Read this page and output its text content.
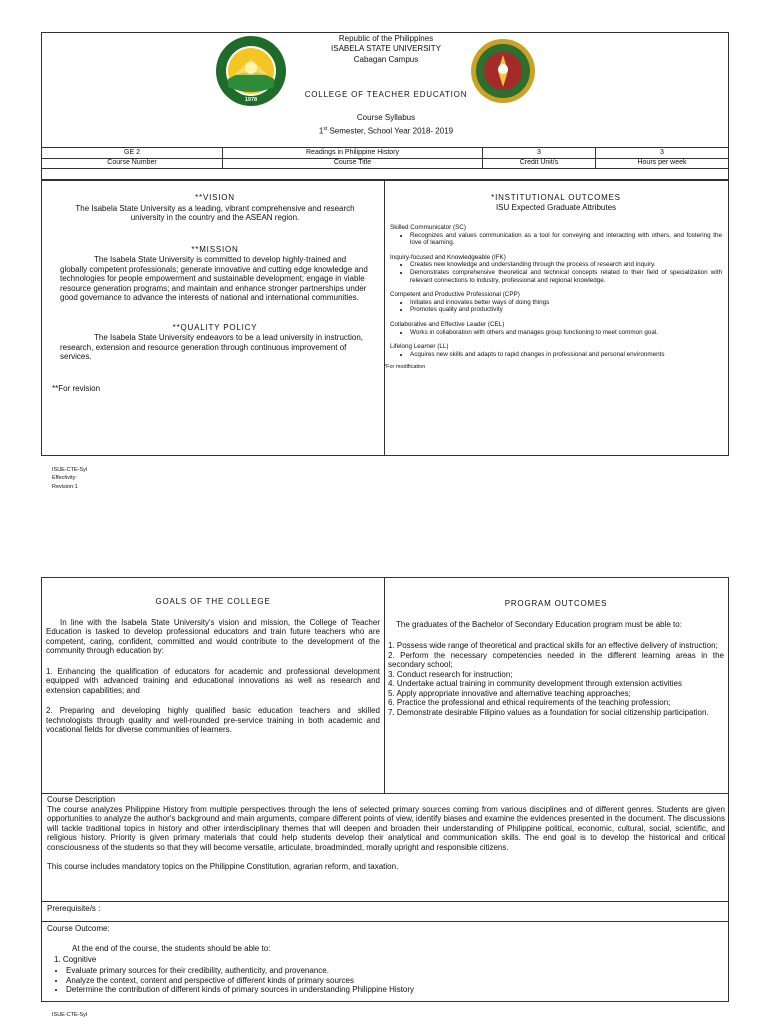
1978
Republic of the Philippines
ISABELA STATE UNIVERSITY
Cabagan Campus
COLLEGE OF TEACHER EDUCATION
Course Syllabus
1st Semester, School Year 2018- 2019
GE 2	Readings in Philippine History	3	3
Course Number	Course Title	Credit Unit/s	Hours per week
**VISION
The Isabela State University as a leading, vibrant comprehensive and research university in the country and the ASEAN region.
**MISSION
The Isabela State University is committed to develop highly-trained and globally competent professionals; generate innovative and cutting edge knowledge and technologies for people empowerment and sustainable development; engage in viable resource generation programs; and maintain and enhance stronger partnerships under good governance to advance the interests of national and international communities.
**QUALITY POLICY
The Isabela State University endeavors to be a lead university in instruction, research, extension and resource generation through continuous improvement of services.
**For revision
*INSTITUTIONAL OUTCOMES
ISU Expected Graduate Attributes
Skilled Communicator (SC)
• Recognizes and values communication as a tool for conveying and interacting with others, and fostering the love of learning.
Inquiry-focused and Knowledgeable (IFK)
• Creates new knowledge and understanding through the process of research and inquiry.
• Demonstrates comprehensive theoretical and technical concepts related to their field of specialization with relevant connections to industry, professional and regional knowledge.
Competent and Productive Professional (CPP)
• Initiates and innovates better ways of doing things
• Promotes quality and productivity
Collaborative and Effective Leader (CEL)
• Works in collaboration with others and manages group functioning to meet common goal.
Lifelong Learner (LL)
• Acquires new skills and adapts to rapid changes in professional and personal environments
*For modification
ISUE-CTE-Syl
Effectivity:
Revision:1
GOALS OF THE COLLEGE
In line with the Isabela State University's vision and mission, the College of Teacher Education is tasked to develop professional educators and train future teachers who are competent, caring, confident, committed and would contribute to the development of the community through education by:
1. Enhancing the qualification of educators for academic and professional development equipped with advanced training and educational innovations as well as research and extension capabilities; and
2. Preparing and developing highly qualified basic education teachers and skilled technologists through quality and well-rounded pre-service training in both academic and vocational fields for diverse communities of learners.
PROGRAM OUTCOMES
The graduates of the Bachelor of Secondary Education program must be able to:
1. Possess wide range of theoretical and practical skills for an effective delivery of instruction;
2. Perform the necessary competencies needed in the different learning areas in the secondary school;
3. Conduct research for instruction;
4. Undertake actual training in community development through extension activities
5. Apply appropriate innovative and alternative teaching approaches;
6. Practice the professional and ethical requirements of the teaching profession;
7. Demonstrate desirable Filipino values as a foundation for social citizenship participation.
Course Description
The course analyzes Philippine History from multiple perspectives through the lens of selected primary sources coming from various disciplines and of different genres. Students are given opportunities to analyze the author's background and main arguments, compare different points of view, identify biases and examine the evidences presented in the document. The discussions will tackle traditional topics in history and other interdisciplinary themes that will deepen and broaden their understanding of Philippine political, economic, cultural, social, scientific, and religious history. Priority is given primary materials that could help students develop their analytical and communication skills. The end goal is to develop the historical and critical consciousness of the students so that they will become versatile, articulate, broadminded, morally upright and responsible citizens.
This course includes mandatory topics on the Philippine Constitution, agrarian reform, and taxation.
Prerequisite/s :
Course Outcome:
At the end of the course, the students should be able to:
1. Cognitive
• Evaluate primary sources for their credibility, authenticity, and provenance.
• Analyze the context, content and perspective of different kinds of primary sources
• Determine the contribution of different kinds of primary sources in understanding Philippine History
ISUE-CTE-Syl
